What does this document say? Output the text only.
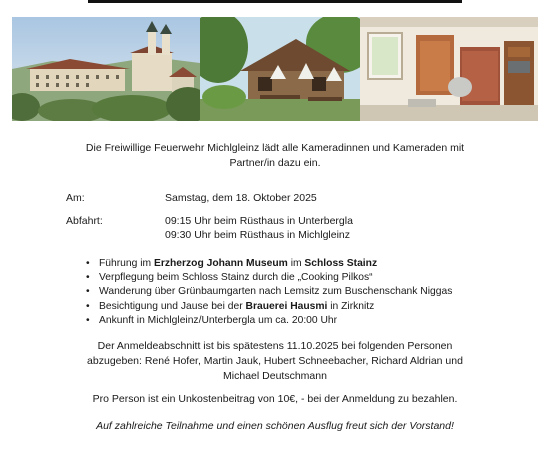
Die Freiwillige Feuerwehr Michlgleinz lädt alle Kameradinnen und Kameraden mit
Partner/in dazu ein.
Am:	Samstag, dem 18. Oktober 2025
Abfahrt:	09:15 Uhr beim Rüsthaus in Unterbergla
09:30 Uhr beim Rüsthaus in Michlgleinz
• Führung im Erzherzog Johann Museum im Schloss Stainz
• Verpflegung beim Schloss Stainz durch die „Cooking Pilkos“
• Wanderung über Grünbaumgarten nach Lemsitz zum Buschenschank Niggas
• Besichtigung und Jause bei der Brauerei Hausmi in Zirknitz
• Ankunft in Michlgleinz/Unterbergla um ca. 20:00 Uhr
Der Anmeldeabschnitt ist bis spätestens 11.10.2025 bei folgenden Personen
abzugeben: René Hofer, Martin Jauk, Hubert Schneebacher, Richard Aldrian und
Michael Deutschmann
Pro Person ist ein Unkostenbeitrag von 10€, - bei der Anmeldung zu bezahlen.
Auf zahlreiche Teilnahme und einen schönen Ausflug freut sich der Vorstand!
